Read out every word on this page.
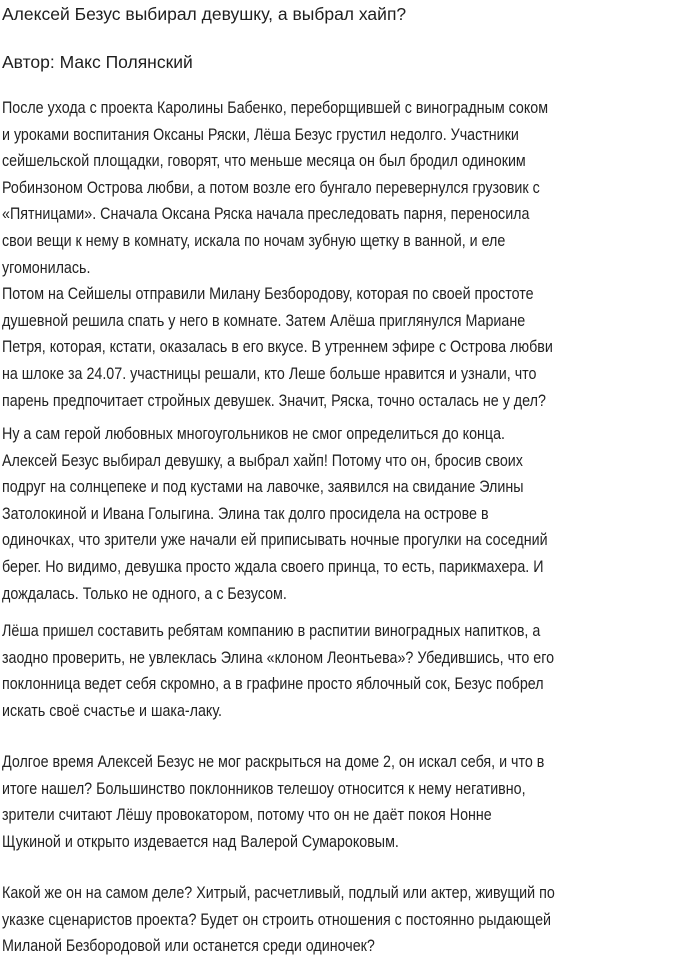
Алексей Безус выбирал девушку, а выбрал хайп?
Автор: Макс Полянский
После ухода с проекта Каролины Бабенко, переборщившей с виноградным соком
и уроками воспитания Оксаны Ряски, Лёша Безус грустил недолго. Участники
сейшельской площадки, говорят, что меньше месяца он был бродил одиноким
Робинзоном Острова любви, а потом возле его бунгало перевернулся грузовик с
«Пятницами». Сначала Оксана Ряска начала преследовать парня, переносила
свои вещи к нему в комнату, искала по ночам зубную щетку в ванной, и еле
угомонилась.
Потом на Сейшелы отправили Милану Безбородову, которая по своей простоте
душевной решила спать у него в комнате. Затем Алёша приглянулся Мариане
Петря, которая, кстати, оказалась в его вкусе. В утреннем эфире с Острова любви
на шлоке за 24.07. участницы решали, кто Леше больше нравится и узнали, что
парень предпочитает стройных девушек. Значит, Ряска, точно осталась не у дел?
Ну а сам герой любовных многоугольников не смог определиться до конца.
Алексей Безус выбирал девушку, а выбрал хайп! Потому что он, бросив своих
подруг на солнцепеке и под кустами на лавочке, заявился на свидание Элины
Затолокиной и Ивана Голыгина. Элина так долго просидела на острове в
одиночках, что зрители уже начали ей приписывать ночные прогулки на соседний
берег. Но видимо, девушка просто ждала своего принца, то есть, парикмахера. И
дождалась. Только не одного, а с Безусом.
Лёша пришел составить ребятам компанию в распитии виноградных напитков, а
заодно проверить, не увлеклась Элина «клоном Леонтьева»? Убедившись, что его
поклонница ведет себя скромно, а в графине просто яблочный сок, Безус побрел
искать своё счастье и шака-лаку.
Долгое время Алексей Безус не мог раскрыться на доме 2, он искал себя, и что в
итоге нашел? Большинство поклонников телешоу относится к нему негативно,
зрители считают Лёшу провокатором, потому что он не даёт покоя Нонне
Щукиной и открыто издевается над Валерой Сумароковым.
Какой же он на самом деле? Хитрый, расчетливый, подлый или актер, живущий по
указке сценаристов проекта? Будет он строить отношения с постоянно рыдающей
Миланой Безбородовой или останется среди одиночек?
